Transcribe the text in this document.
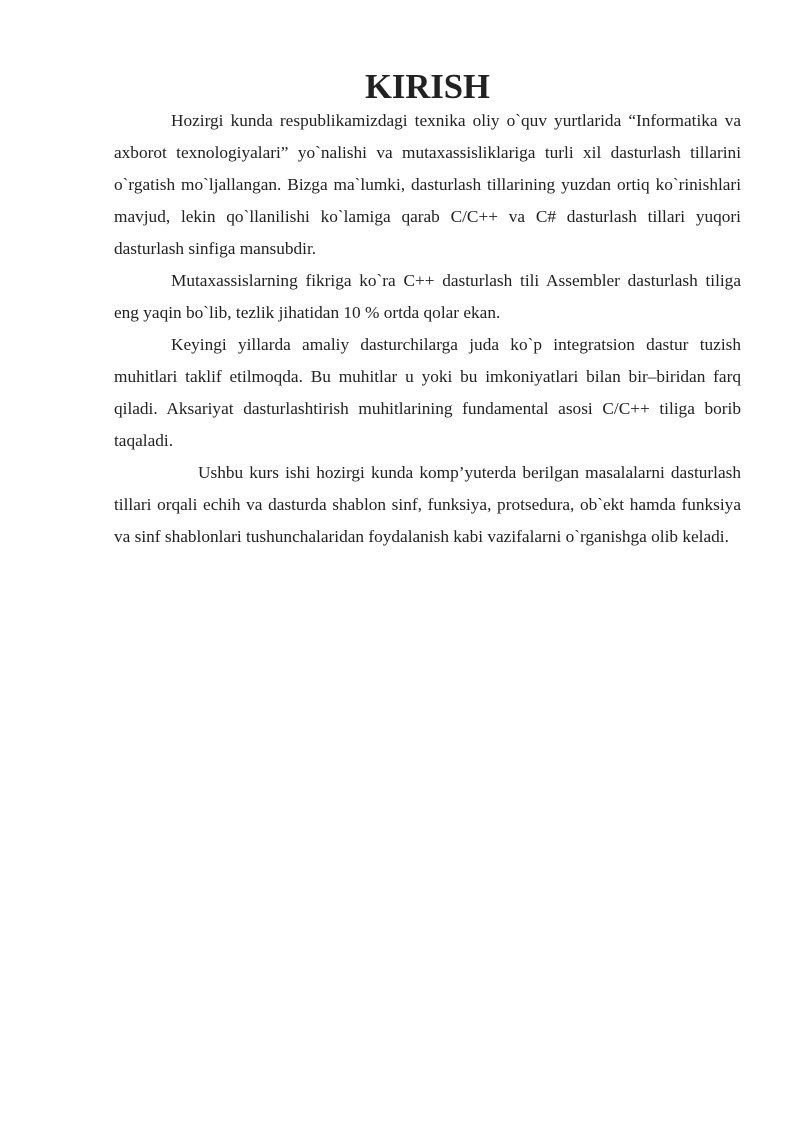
KIRISH

Hozirgi kunda respublikamizdagi texnika oliy o`quv yurtlarida “Informatika va axborot texnologiyalari” yo`nalishi va mutaxassisliklariga turli xil dasturlash tillarini o`rgatish mo`ljallangan. Bizga ma`lumki, dasturlash tillarining yuzdan ortiq ko`rinishlari mavjud, lekin qo`llanilishi ko`lamiga qarab C/C++ va C# dasturlash tillari yuqori dasturlash sinfiga mansubdir.

Mutaxassislarning fikriga ko`ra C++ dasturlash tili Assembler dasturlash tiliga eng yaqin bo`lib, tezlik jihatidan 10 % ortda qolar ekan.

Keyingi yillarda amaliy dasturchilarga juda ko`p integratsion dastur tuzish muhitlari taklif etilmoqda. Bu muhitlar u yoki bu imkoniyatlari bilan bir–biridan farq qiladi. Aksariyat dasturlashtirish muhitlarining fundamental asosi C/C++ tiliga borib taqaladi.

Ushbu kurs ishi hozirgi kunda komp’yuterda berilgan masalalarni dasturlash tillari orqali echih va dasturda shablon sinf, funksiya, protsedura, ob`ekt hamda funksiya va sinf shablonlari tushunchalaridan foydalanish kabi vazifalarni o`rganishga olib keladi.
